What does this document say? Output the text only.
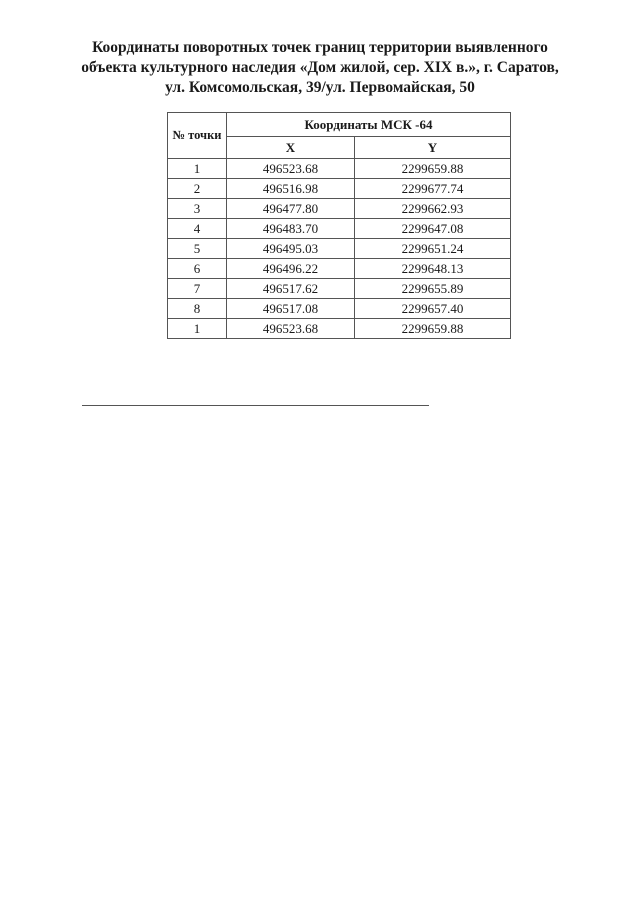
Координаты поворотных точек границ территории выявленного
объекта культурного наследия «Дом жилой, сер. XIX в.», г. Саратов,
ул. Комсомольская, 39/ул. Первомайская, 50
№ точки	Координаты МСК -64	
	X	Y
1	496523.68	2299659.88
2	496516.98	2299677.74
3	496477.80	2299662.93
4	496483.70	2299647.08
5	496495.03	2299651.24
6	496496.22	2299648.13
7	496517.62	2299655.89
8	496517.08	2299657.40
1	496523.68	2299659.88
